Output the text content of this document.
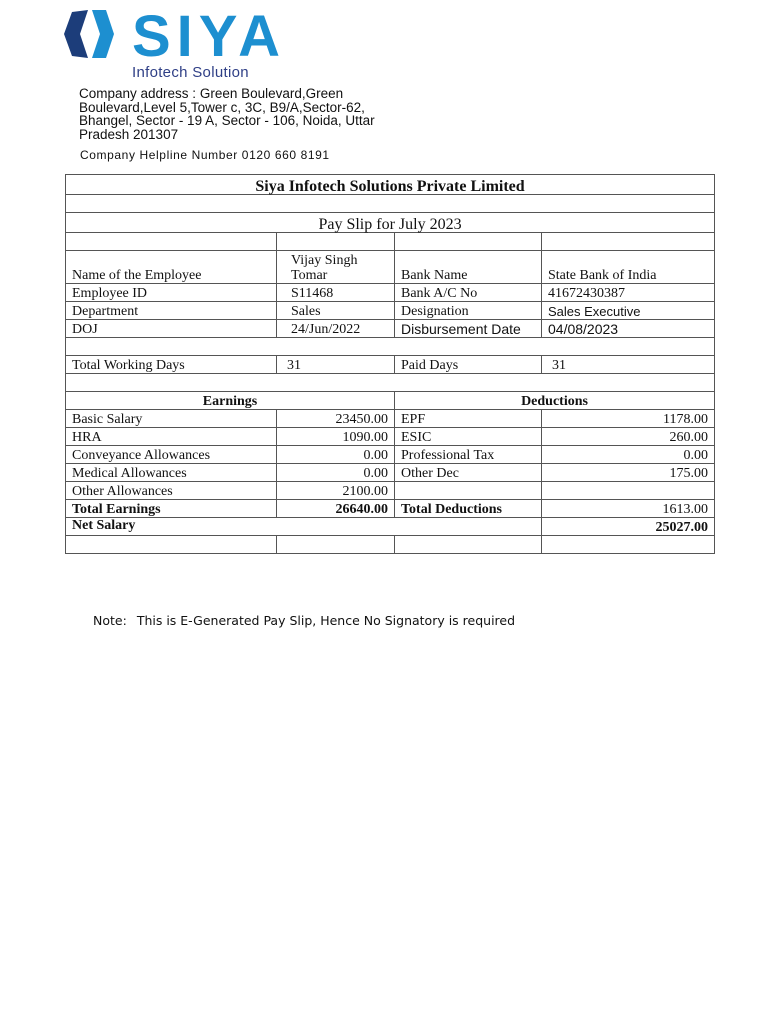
SIYA
Infotech Solution
Company address : Green Boulevard,Green Boulevard,Level 5,Tower c, 3C, B9/A,Sector-62, Bhangel, Sector - 19 A, Sector - 106, Noida, Uttar Pradesh 201307
Company Helpline Number 0120 660 8191
Siya Infotech Solutions Private Limited			

Pay Slip for July 2023			

Name of the Employee	Vijay Singh Tomar	Bank Name	State Bank of India
Employee ID	S11468	Bank A/C No	41672430387
Department	Sales	Designation	Sales Executive
DOJ	24/Jun/2022	Disbursement Date	04/08/2023

Total Working Days	31	Paid Days	31

Earnings		Deductions	
Basic Salary	23450.00	EPF	1178.00
HRA	1090.00	ESIC	260.00
Conveyance Allowances	0.00	Professional Tax	0.00
Medical Allowances	0.00	Other Dec	175.00
Other Allowances	2100.00		
Total Earnings	26640.00	Total Deductions	1613.00
Net Salary			25027.00

Note: This is E-Generated Pay Slip, Hence No Signatory is required
